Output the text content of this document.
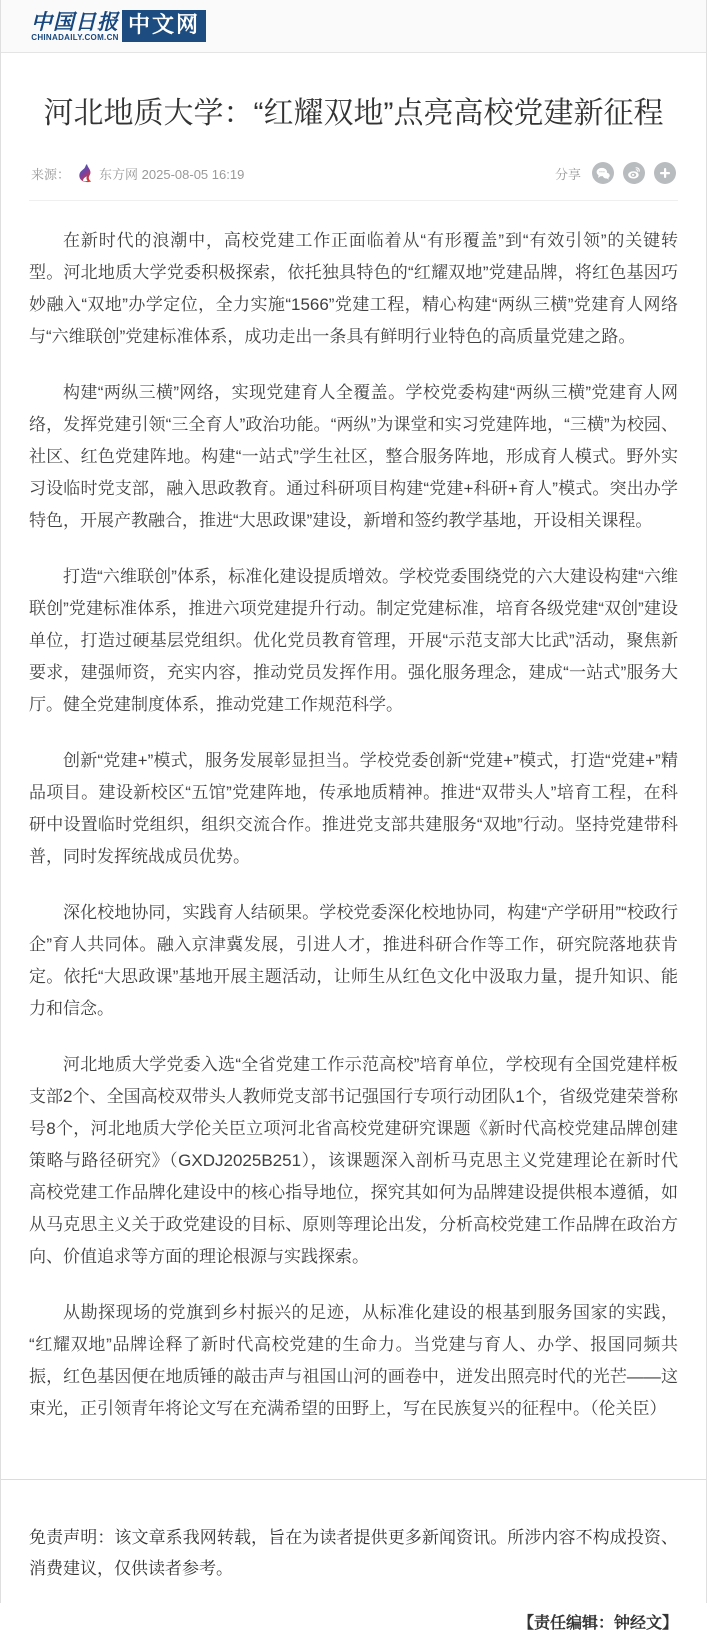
中国日报
CHINADAILY.COM.CN 中文网
河北地质大学：“红耀双地”点亮高校党建新征程
来源： 东方网 2025-08-05 16:19	分享

在新时代的浪潮中，高校党建工作正面临着从“有形覆盖”到“有效引领”的关键转型。河北地质大学党委积极探索，依托独具特色的“红耀双地”党建品牌，将红色基因巧妙融入“双地”办学定位，全力实施“1566”党建工程，精心构建“两纵三横”党建育人网络与“六维联创”党建标准体系，成功走出一条具有鲜明行业特色的高质量党建之路。

构建“两纵三横”网络，实现党建育人全覆盖。学校党委构建“两纵三横”党建育人网络，发挥党建引领“三全育人”政治功能。“两纵”为课堂和实习党建阵地，“三横”为校园、社区、红色党建阵地。构建“一站式”学生社区，整合服务阵地，形成育人模式。野外实习设临时党支部，融入思政教育。通过科研项目构建“党建+科研+育人”模式。突出办学特色，开展产教融合，推进“大思政课”建设，新增和签约教学基地，开设相关课程。

打造“六维联创”体系，标准化建设提质增效。学校党委围绕党的六大建设构建“六维联创”党建标准体系，推进六项党建提升行动。制定党建标准，培育各级党建“双创”建设单位，打造过硬基层党组织。优化党员教育管理，开展“示范支部大比武”活动，聚焦新要求，建强师资，充实内容，推动党员发挥作用。强化服务理念，建成“一站式”服务大厅。健全党建制度体系，推动党建工作规范科学。

创新“党建+”模式，服务发展彰显担当。学校党委创新“党建+”模式，打造“党建+”精品项目。建设新校区“五馆”党建阵地，传承地质精神。推进“双带头人”培育工程，在科研中设置临时党组织，组织交流合作。推进党支部共建服务“双地”行动。坚持党建带科普，同时发挥统战成员优势。

深化校地协同，实践育人结硕果。学校党委深化校地协同，构建“产学研用”“校政行企”育人共同体。融入京津冀发展，引进人才，推进科研合作等工作，研究院落地获肯定。依托“大思政课”基地开展主题活动，让师生从红色文化中汲取力量，提升知识、能力和信念。

河北地质大学党委入选“全省党建工作示范高校”培育单位，学校现有全国党建样板支部2个、全国高校双带头人教师党支部书记强国行专项行动团队1个，省级党建荣誉称号8个，河北地质大学伦关臣立项河北省高校党建研究课题《新时代高校党建品牌创建策略与路径研究》（GXDJ2025B251），该课题深入剖析马克思主义党建理论在新时代高校党建工作品牌化建设中的核心指导地位，探究其如何为品牌建设提供根本遵循，如从马克思主义关于政党建设的目标、原则等理论出发，分析高校党建工作品牌在政治方向、价值追求等方面的理论根源与实践探索。

从勘探现场的党旗到乡村振兴的足迹，从标准化建设的根基到服务国家的实践，“红耀双地”品牌诠释了新时代高校党建的生命力。当党建与育人、办学、报国同频共振，红色基因便在地质锤的敲击声与祖国山河的画卷中，迸发出照亮时代的光芒——这束光，正引领青年将论文写在充满希望的田野上，写在民族复兴的征程中。（伦关臣）

免责声明：该文章系我网转载，旨在为读者提供更多新闻资讯。所涉内容不构成投资、消费建议，仅供读者参考。

【责任编辑：钟经文】
